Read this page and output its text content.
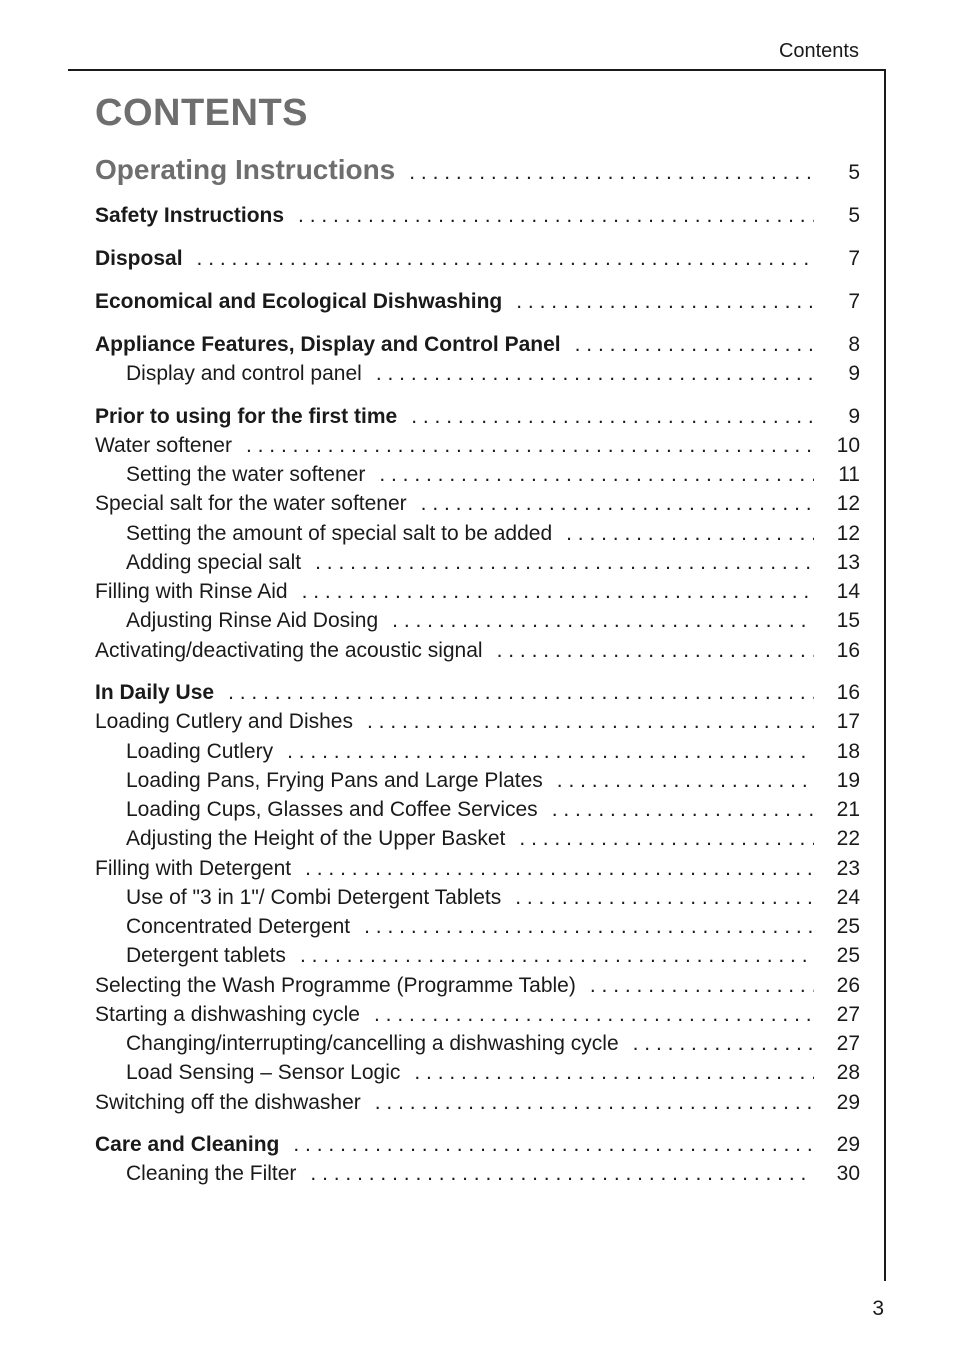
Contents
CONTENTS
Operating Instructions . . .	5
Safety Instructions . . .	5
Disposal . . .	7
Economical and Ecological Dishwashing . . .	7
Appliance Features, Display and Control Panel . . .	8
Display and control panel . . .	9
Prior to using for the first time . . .	9
Water softener . . .	10
Setting the water softener . . .	11
Special salt for the water softener . . .	12
Setting the amount of special salt to be added . . .	12
Adding special salt . . .	13
Filling with Rinse Aid . . .	14
Adjusting Rinse Aid Dosing . . .	15
Activating/deactivating the acoustic signal . . .	16
In Daily Use . . .	16
Loading Cutlery and Dishes . . .	17
Loading Cutlery . . .	18
Loading Pans, Frying Pans and Large Plates . . .	19
Loading Cups, Glasses and Coffee Services . . .	21
Adjusting the Height of the Upper Basket . . .	22
Filling with Detergent . . .	23
Use of "3 in 1"/ Combi Detergent Tablets . . .	24
Concentrated Detergent . . .	25
Detergent tablets . . .	25
Selecting the Wash Programme (Programme Table) . . .	26
Starting a dishwashing cycle . . .	27
Changing/interrupting/cancelling a dishwashing cycle . . .	27
Load Sensing – Sensor Logic . . .	28
Switching off the dishwasher . . .	29
Care and Cleaning . . .	29
Cleaning the Filter . . .	30
3
